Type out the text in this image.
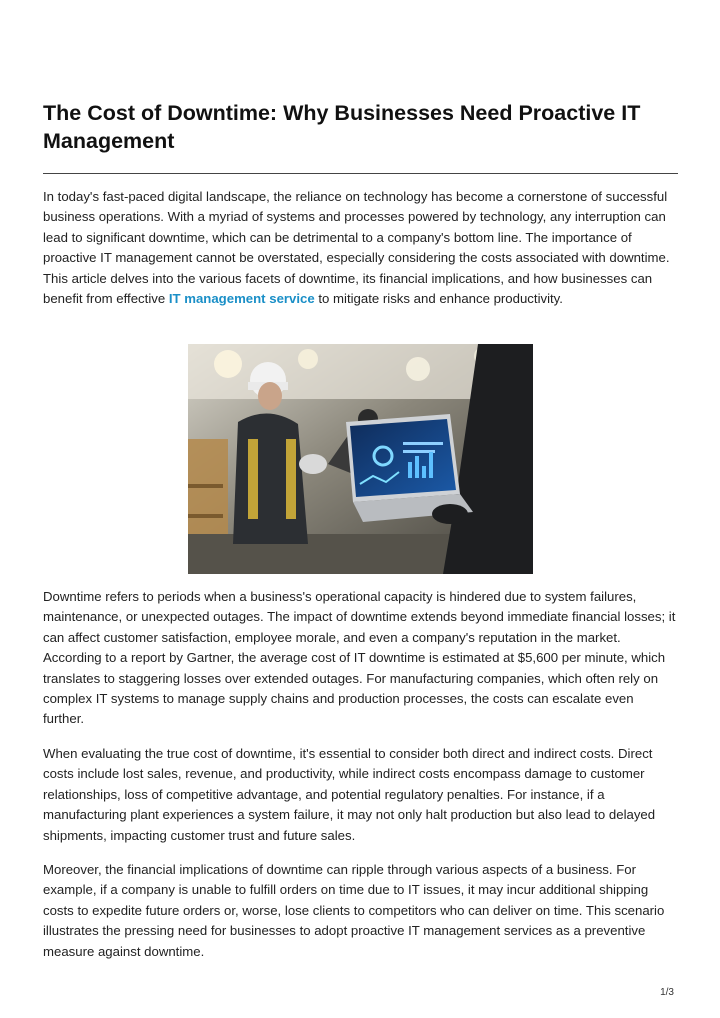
The Cost of Downtime: Why Businesses Need Proactive IT Management

In today's fast-paced digital landscape, the reliance on technology has become a cornerstone of successful business operations. With a myriad of systems and processes powered by technology, any interruption can lead to significant downtime, which can be detrimental to a company's bottom line. The importance of proactive IT management cannot be overstated, especially considering the costs associated with downtime. This article delves into the various facets of downtime, its financial implications, and how businesses can benefit from effective IT management service to mitigate risks and enhance productivity.

Downtime refers to periods when a business's operational capacity is hindered due to system failures, maintenance, or unexpected outages. The impact of downtime extends beyond immediate financial losses; it can affect customer satisfaction, employee morale, and even a company's reputation in the market. According to a report by Gartner, the average cost of IT downtime is estimated at $5,600 per minute, which translates to staggering losses over extended outages. For manufacturing companies, which often rely on complex IT systems to manage supply chains and production processes, the costs can escalate even further.

When evaluating the true cost of downtime, it's essential to consider both direct and indirect costs. Direct costs include lost sales, revenue, and productivity, while indirect costs encompass damage to customer relationships, loss of competitive advantage, and potential regulatory penalties. For instance, if a manufacturing plant experiences a system failure, it may not only halt production but also lead to delayed shipments, impacting customer trust and future sales.

Moreover, the financial implications of downtime can ripple through various aspects of a business. For example, if a company is unable to fulfill orders on time due to IT issues, it may incur additional shipping costs to expedite future orders or, worse, lose clients to competitors who can deliver on time. This scenario illustrates the pressing need for businesses to adopt proactive IT management services as a preventive measure against downtime.

1/3
